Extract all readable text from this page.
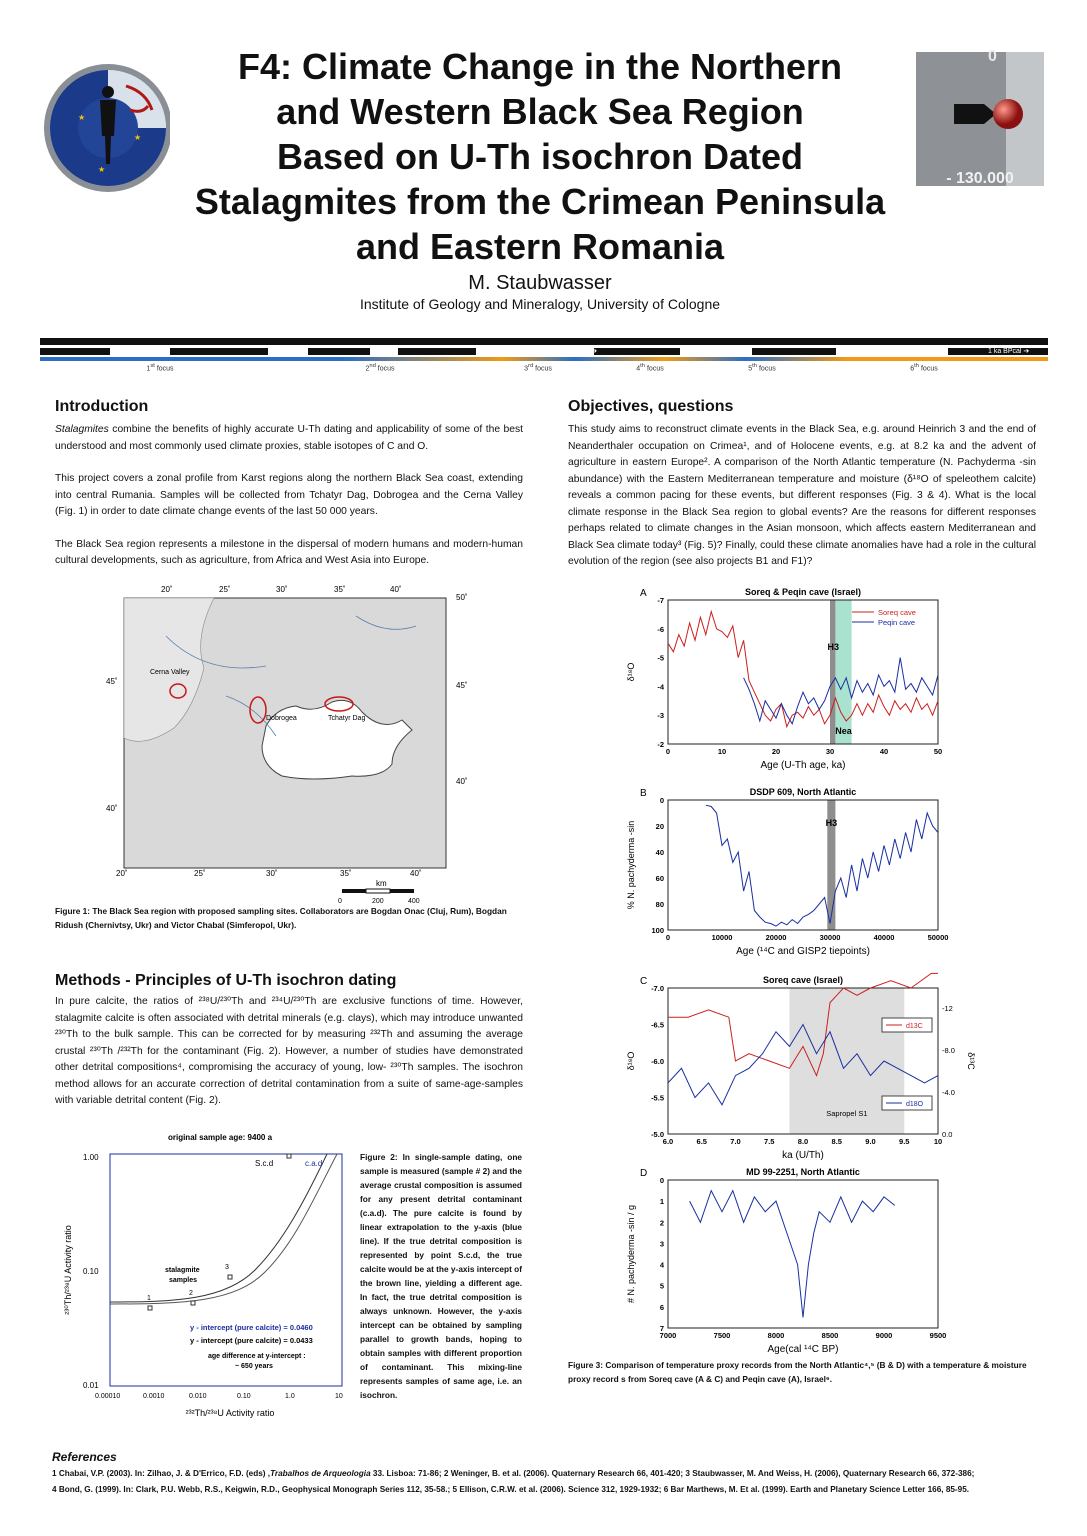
★
★
★
F4: Climate Change in the Northern
and Western Black Sea Region
Based on U-Th isochron Dated
Stalagmites from the Crimean Peninsula
and Eastern Romania
M. Staubwasser
Institute of Geology and Mineralogy, University of Cologne
0
- 130.000
100 ka BPcal ➔	10 ka BPcal ➔	1 ka BPcal ➔
1st focus	2nd focus	3rd focus	4th focus	5th focus	6th focus
Introduction

Stalagmites combine the benefits of highly accurate U-Th dating and applicability of some of the best understood and most commonly used climate proxies, stable isotopes of C and O.

This project covers a zonal profile from Karst regions along the northern Black Sea coast, extending into central Rumania. Samples will be collected from Tchatyr Dag, Dobrogea and the Cerna Valley (Fig. 1) in order to date climate change events of the last 50 000 years.

The Black Sea region represents a milestone in the dispersal of modern humans and modern-human cultural developments, such as agriculture, from Africa and West Asia into Europe.

Cerna Valley
Dobrogea	Tchatyr Dag
20˚	25˚	30˚	35˚	40˚
20˚	25˚	30˚	35˚	40˚
45˚
40˚
50˚
45˚
40˚
km
0	200	400
Figure 1: The Black Sea region with proposed sampling sites. Collaborators are Bogdan Onac (Cluj, Rum), Bogdan Ridush (Chernivtsy, Ukr) and Victor Chabal (Simferopol, Ukr).
Methods - Principles of U-Th isochron dating
In pure calcite, the ratios of ²³⁸U/²³⁰Th and ²³⁴U/²³⁰Th are exclusive functions of time. However, stalagmite calcite is often associated with detrital minerals (e.g. clays), which may introduce unwanted ²³⁰Th to the bulk sample. This can be corrected for by measuring ²³²Th and assuming the average crustal ²³⁰Th /²³²Th for the contaminant (Fig. 2). However, a number of studies have demonstrated other detrital compositions⁴, compromising the accuracy of young, low- ²³⁰Th samples. The isochron method allows for an accurate correction of detrital contamination from a suite of same-age-samples with variable detrital content (Fig. 2).
original sample age: 9400 a
1
2
3
S.c.d	c.a.d
stalagmite
samples
y - intercept (pure calcite) = 0.0460
y - intercept (pure calcite) = 0.0433
age difference at y-intercept :
~ 650 years
1.00
0.10
0.01
0.00010	0.0010	0.010	0.10	1.0	10
²³²Th/²³⁸U Activity ratio
²³⁰Th/²³⁸U Activity ratio
Figure 2: In single-sample dating, one sample is measured (sample # 2) and the average crustal composition is assumed for any present detrital contaminant (c.a.d). The pure calcite is found by linear extrapolation to the y-axis (blue line). If the true detrital composition is represented by point S.c.d, the true calcite would be at the y-axis intercept of the brown line, yielding a different age. In fact, the true detrital composition is always unknown. However, the y-axis intercept can be obtained by sampling parallel to growth bands, hoping to obtain samples with different proportion of contaminant. This mixing-line represents samples of same age, i.e. an isochron.
Objectives, questions
This study aims to reconstruct climate events in the Black Sea, e.g. around Heinrich 3 and the end of Neanderthaler occupation on Crimea¹, and of Holocene events, e.g. at 8.2 ka and the advent of agriculture in eastern Europe². A comparison of the North Atlantic temperature (N. Pachyderma -sin abundance) with the Eastern Mediterranean temperature and moisture (δ¹⁸O of speleothem calcite) reveals a common pacing for these events, but different responses (Fig. 3 & 4). What is the local climate response in the Black Sea region to global events? Are the reasons for different responses perhaps related to climate changes in the Asian monsoon, which affects eastern Mediterranean and Black Sea climate today³ (Fig. 5)? Finally, could these climate anomalies have had a role in the cultural evolution of the region (see also projects B1 and F1)?
Soreq & Peqin cave (Israel)
A
0	10	20	30	40	50
-7
-6
-5
-4
-3
-2
Age (U-Th age, ka)
δ¹⁸O
H3
Nea
Soreq cave
Peqin cave
DSDP 609, North Atlantic
B
0	10000	20000	30000	40000	50000
0
20
40
60
80
100
Age (¹⁴C and GISP2 tiepoints)
% N. pachyderma -sin	H3
Soreq cave (Israel)
C
6.0	6.5	7.0	7.5	8.0	8.5	9.0	9.5	10
-7.0
-6.5
-6.0
-5.5
-5.0
-12
-8.0
-4.0
0.0
ka (U/Th)
δ¹⁸O	δ¹³C
Sapropel S1
d13C
d18O
MD 99-2251, North Atlantic
D
7000	7500	8000	8500	9000	9500
0
1
2
3
4
5
6
7
Age(cal ¹⁴C BP)
# N. pachyderma -sin / g
Figure 3: Comparison of temperature proxy records from the North Atlantic⁴,⁵ (B & D) with a temperature & moisture proxy record s from Soreq cave (A & C) and Peqin cave (A), Israel⁶.
References
1 Chabai, V.P. (2003). In: Zilhao, J. & D'Errico, F.D. (eds) ,Trabalhos de Arqueologia 33. Lisboa: 71-86; 2 Weninger, B. et al. (2006). Quaternary Research 66, 401-420; 3 Staubwasser, M. And Weiss, H. (2006), Quaternary Research 66, 372-386;
4 Bond, G. (1999). In: Clark, P.U. Webb, R.S., Keigwin, R.D., Geophysical Monograph Series 112, 35-58.; 5 Ellison, C.R.W. et al. (2006). Science 312, 1929-1932; 6 Bar Marthews, M. Et al. (1999). Earth and Planetary Science Letter 166, 85-95.
